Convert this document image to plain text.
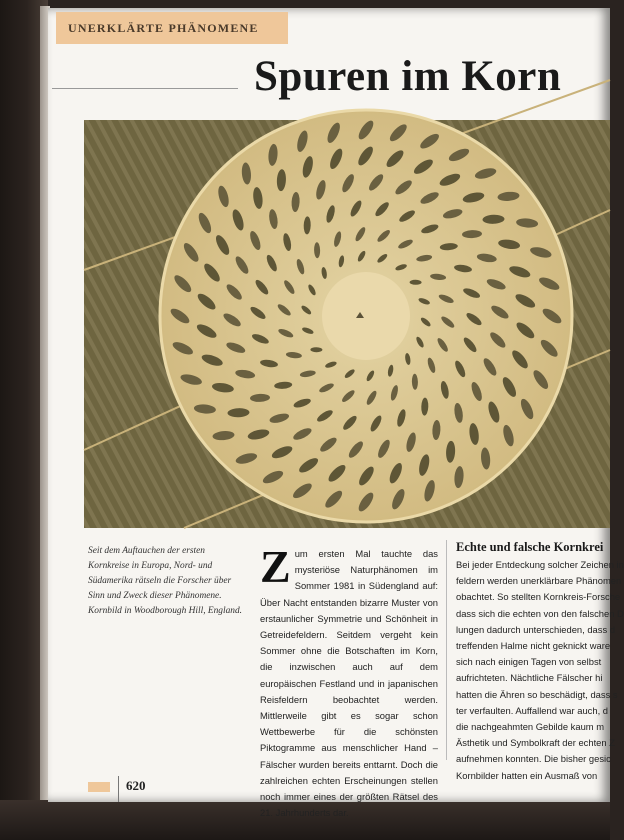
UNERKLÄRTE PHÄNOMENE
Spuren im Korn
Seit dem Auftauchen der ersten Kornkreise in Europa, Nord- und Südamerika rätseln die Forscher über Sinn und Zweck dieser Phänomene. Kornbild in Woodborough Hill, England.
Zum ersten Mal tauchte das mysteriöse Naturphänomen im Sommer 1981 in Südengland auf: Über Nacht entstanden bizarre Muster von erstaunlicher Symmetrie und Schönheit in Getreidefeldern. Seitdem vergeht kein Sommer ohne die Botschaften im Korn, die inzwischen auch auf dem europäischen Festland und in japanischen Reisfeldern beobachtet werden. Mittlerweile gibt es sogar schon Wettbewerbe für die schönsten Piktogramme aus menschlicher Hand – Fälscher wurden bereits enttarnt. Doch die zahlreichen echten Erscheinungen stellen noch immer eines der größten Rätsel des 21. Jahrhunderts dar.
Echte und falsche Kornkrei
Bei jeder Entdeckung solcher Zeichen in
feldern werden unerklärbare Phänomen
obachtet. So stellten Kornkreis-Forsche
dass sich die echten von den falschen D
lungen dadurch unterschieden, dass d
treffenden Halme nicht geknickt ware
sich nach einigen Tagen von selbst
aufrichteten. Nächtliche Fälscher hi
hatten die Ähren so beschädigt, dass s
ter verfaulten. Auffallend war auch, d
die nachgeahmten Gebilde kaum m
Ästhetik und Symbolkraft der echten Z
aufnehmen konnten. Die bisher gesic
Kornbilder hatten ein Ausmaß von
620
